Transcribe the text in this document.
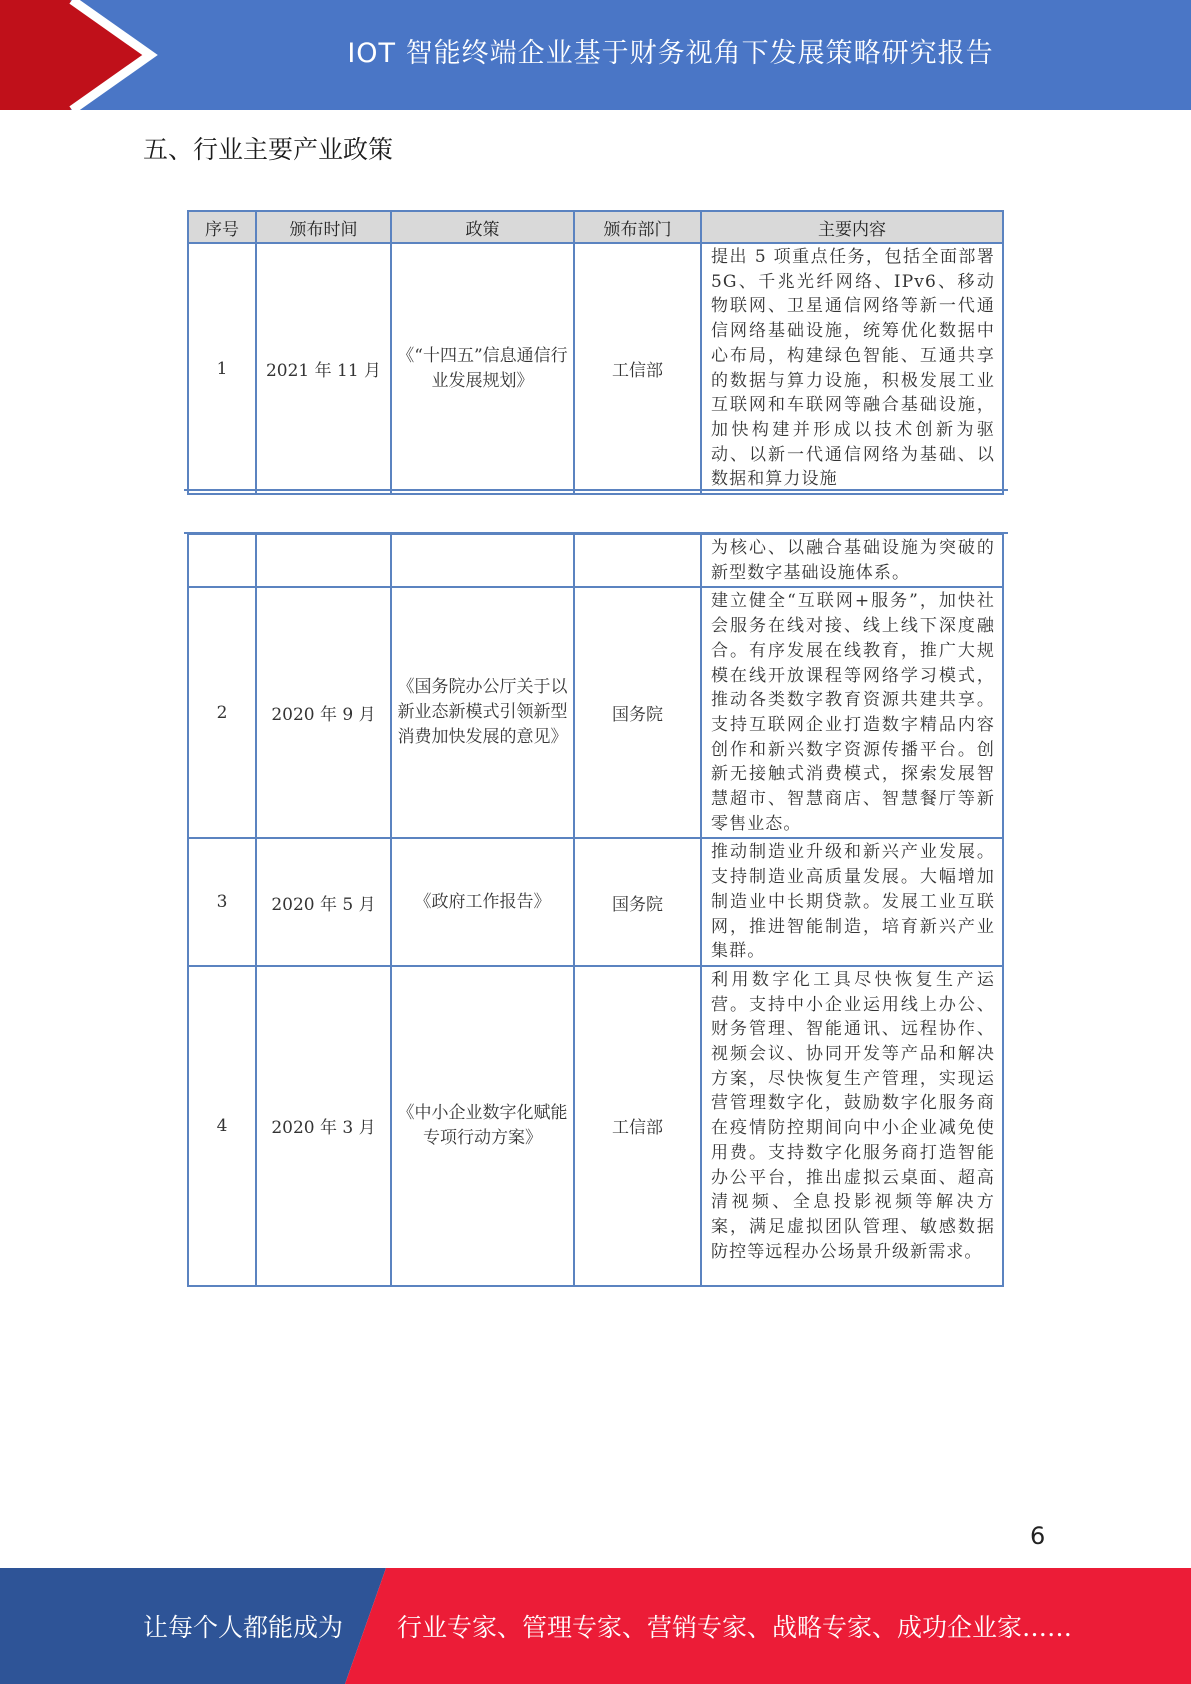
IOT 智能终端企业基于财务视角下发展策略研究报告
五、行业主要产业政策
序号	颁布时间	政策	颁布部门	主要内容
1	2021 年 11 月	《“十四五”信息通信行业发展规划》	工信部	提出 5 项重点任务，包括全面部署 5G、千兆光纤网络、IPv6、移动物联网、卫星通信网络等新一代通信网络基础设施，统筹优化数据中心布局，构建绿色智能、互通共享的数据与算力设施，积极发展工业互联网和车联网等融合基础设施，加快构建并形成以技术创新为驱动、以新一代通信网络为基础、以数据和算力设施
				为核心、以融合基础设施为突破的新型数字基础设施体系。
2	2020 年 9 月	《国务院办公厅关于以新业态新模式引领新型消费加快发展的意见》	国务院	建立健全“互联网+服务”，加快社会服务在线对接、线上线下深度融合。有序发展在线教育，推广大规模在线开放课程等网络学习模式，推动各类数字教育资源共建共享。支持互联网企业打造数字精品内容创作和新兴数字资源传播平台。创新无接触式消费模式，探索发展智慧超市、智慧商店、智慧餐厅等新零售业态。
3	2020 年 5 月	《政府工作报告》	国务院	推动制造业升级和新兴产业发展。支持制造业高质量发展。大幅增加制造业中长期贷款。发展工业互联网，推进智能制造，培育新兴产业集群。
4	2020 年 3 月	《中小企业数字化赋能专项行动方案》	工信部	利用数字化工具尽快恢复生产运营。支持中小企业运用线上办公、财务管理、智能通讯、远程协作、视频会议、协同开发等产品和解决方案，尽快恢复生产管理，实现运营管理数字化，鼓励数字化服务商在疫情防控期间向中小企业减免使用费。支持数字化服务商打造智能办公平台，推出虚拟云桌面、超高清视频、全息投影视频等解决方案，满足虚拟团队管理、敏感数据防控等远程办公场景升级新需求。
6
让每个人都能成为 行业专家、管理专家、营销专家、战略专家、成功企业家……
